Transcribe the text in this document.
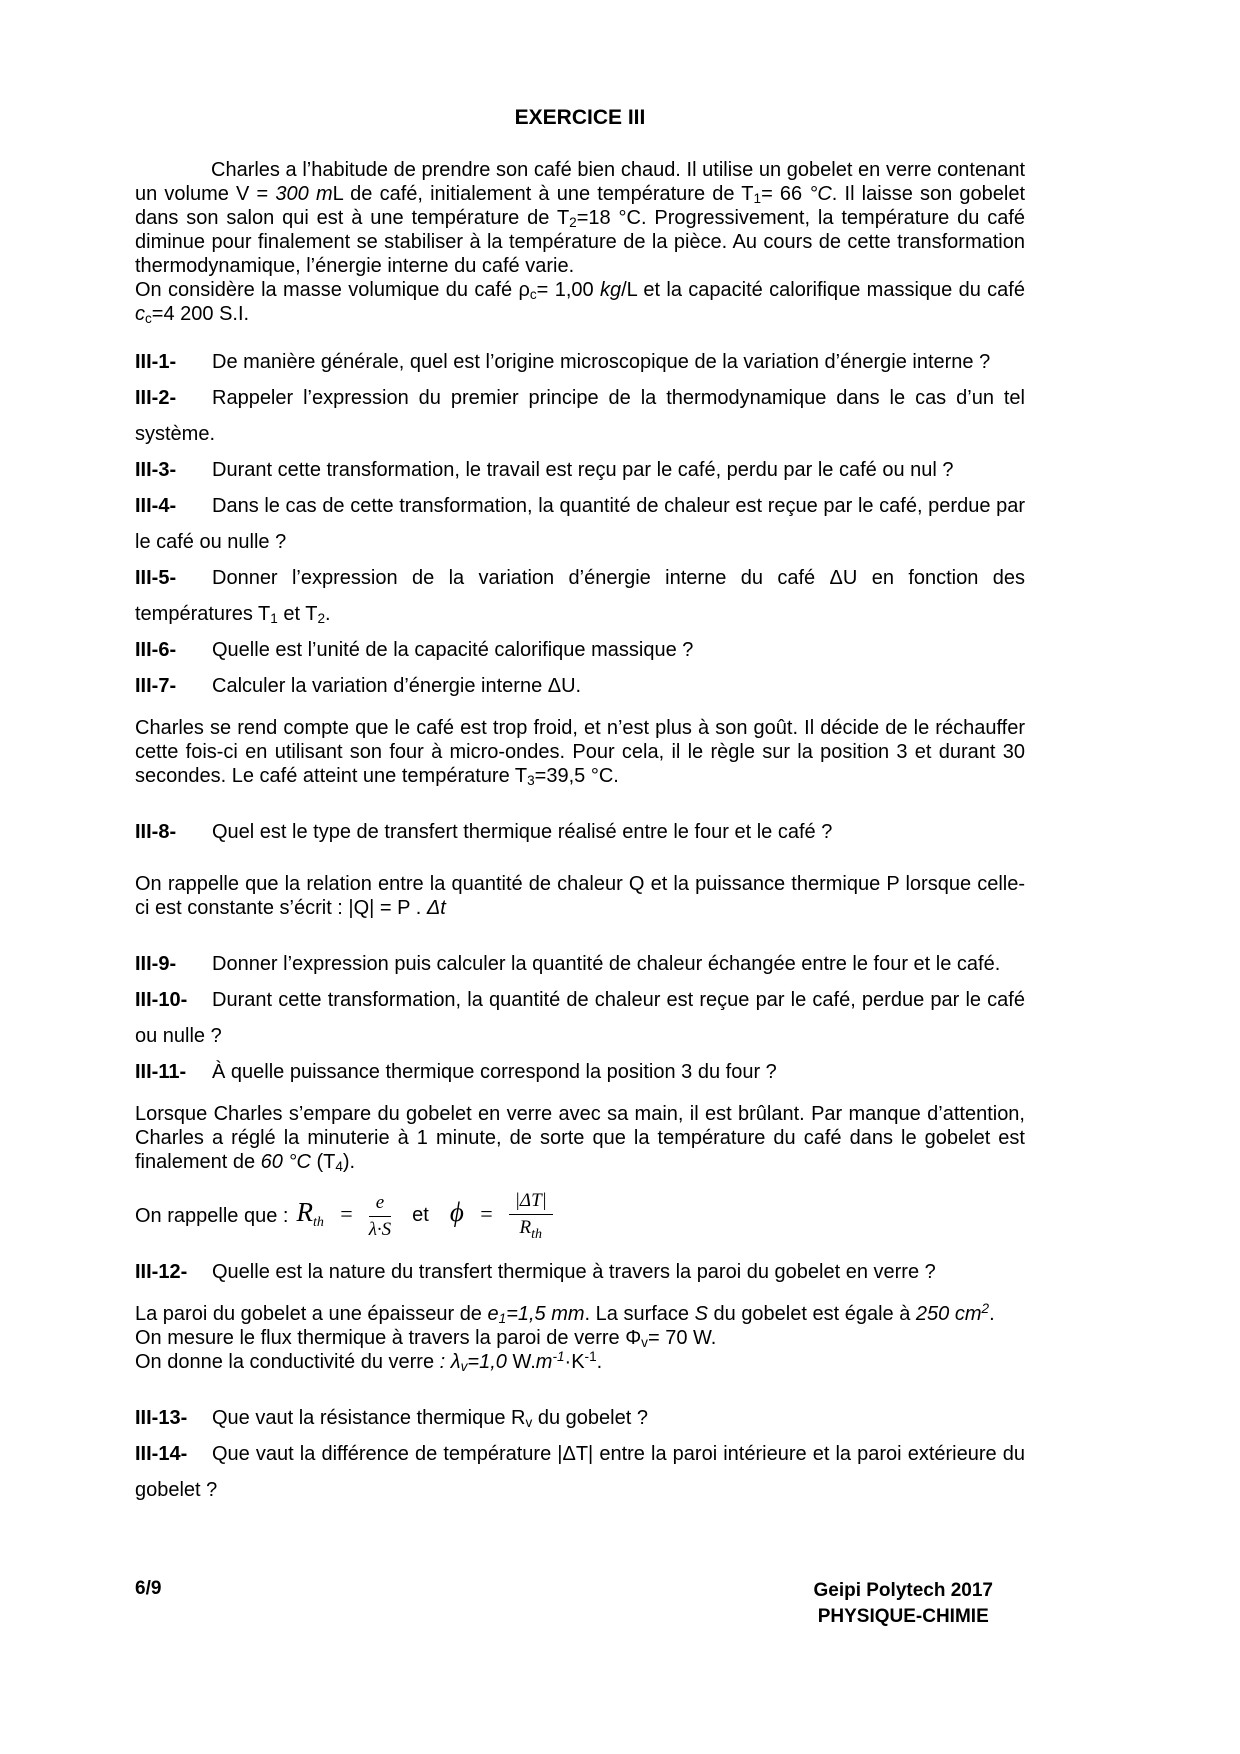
EXERCICE III

Charles a l’habitude de prendre son café bien chaud. Il utilise un gobelet en verre contenant un volume V = 300 mL de café, initialement à une température de $T_1= 66$ °C. Il laisse son gobelet dans son salon qui est à une température de $T_2=18$ °C. Progressivement, la température du café diminue pour finalement se stabiliser à la température de la pièce. Au cours de cette transformation thermodynamique, l’énergie interne du café varie.

On considère la masse volumique du café $\rho_c= 1,00$ kg/L et la capacité calorifique massique du café $c_c=4$ 200 S.I.

III-1- De manière générale, quel est l’origine microscopique de la variation d’énergie interne ?
III-2- Rappeler l’expression du premier principe de la thermodynamique dans le cas d’un tel système.
III-3- Durant cette transformation, le travail est reçu par le café, perdu par le café ou nul ?
III-4- Dans le cas de cette transformation, la quantité de chaleur est reçue par le café, perdue par le café ou nulle ?
III-5- Donner l’expression de la variation d’énergie interne du café ΔU en fonction des températures $T_1$ et $T_2$.
III-6- Quelle est l’unité de la capacité calorifique massique ?
III-7- Calculer la variation d’énergie interne ΔU.

Charles se rend compte que le café est trop froid, et n’est plus à son goût. Il décide de le réchauffer cette fois-ci en utilisant son four à micro-ondes. Pour cela, il le règle sur la position 3 et durant 30 secondes. Le café atteint une température $T_3=39,5$ °C.

III-8- Quel est le type de transfert thermique réalisé entre le four et le café ?

On rappelle que la relation entre la quantité de chaleur Q et la puissance thermique P lorsque celle-ci est constante s’écrit : |Q| = P . Δt

III-9- Donner l’expression puis calculer la quantité de chaleur échangée entre le four et le café.
III-10- Durant cette transformation, la quantité de chaleur est reçue par le café, perdue par le café ou nulle ?
III-11- À quelle puissance thermique correspond la position 3 du four ?

Lorsque Charles s’empare du gobelet en verre avec sa main, il est brûlant. Par manque d’attention, Charles a réglé la minuterie à 1 minute, de sorte que la température du café dans le gobelet est finalement de 60 °C $(T_4)$.

On rappelle que : $R_{th} = \frac{e}{\lambda\cdot S}$ et $\phi = \frac{|\Delta T|}{R_{th}}$
III-12- Quelle est la nature du transfert thermique à travers la paroi du gobelet en verre ?
La paroi du gobelet a une épaisseur de $e_1=1,5$ mm. La surface S du gobelet est égale à 250 $cm^2$.
On mesure le flux thermique à travers la paroi de verre $\Phi_v= 70$ W.
On donne la conductivité du verre : $\lambda_v=1,0$ $W.m^{-1}\cdot K^{-1}$.
III-13- Que vaut la résistance thermique $R_v$ du gobelet ?
III-14- Que vaut la différence de température |ΔT| entre la paroi intérieure et la paroi extérieure du gobelet ?
6/9	Geipi Polytech 2017
PHYSIQUE-CHIMIE
